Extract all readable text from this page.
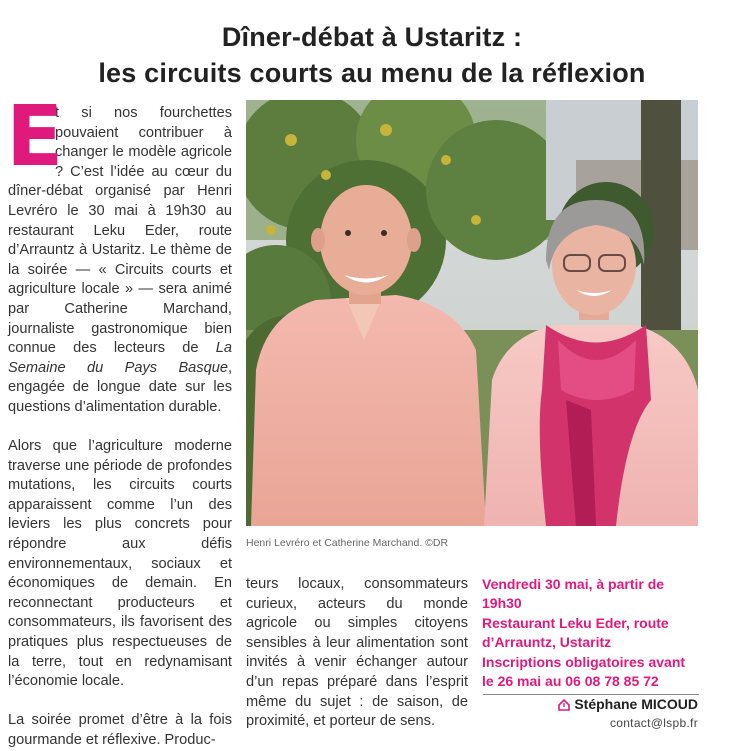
Dîner-débat à Ustaritz :
les circuits courts au menu de la réflexion
E

t si nos fourchettes pouvaient contribuer à changer le modèle agricole ? C’est l’idée au cœur du dîner-débat organisé par Henri Levréro le 30 mai à 19h30 au restaurant Leku Eder, route d’Arrauntz à Ustaritz. Le thème de la soirée — « Circuits courts et agriculture locale » — sera animé par Catherine Marchand, journaliste gastronomique bien connue des lecteurs de La Semaine du Pays Basque, engagée de longue date sur les questions d’alimentation durable.

Alors que l’agriculture moderne traverse une période de profondes mutations, les circuits courts apparaissent comme l’un des leviers les plus concrets pour répondre aux défis environnementaux, sociaux et économiques de demain. En reconnectant producteurs et consommateurs, ils favorisent des pratiques plus respectueuses de la terre, tout en redynamisant l’économie locale.

La soirée promet d’être à la fois gourmande et réflexive. Produc-

Henri Levréro et Catherine Marchand. ©DR

teurs locaux, consommateurs curieux, acteurs du monde agricole ou simples citoyens sensibles à leur alimentation sont invités à venir échanger autour d’un repas préparé dans l’esprit même du sujet : de saison, de proximité, et porteur de sens.

Vendredi 30 mai, à partir de
19h30
Restaurant Leku Eder, route
d’Arrauntz, Ustaritz
Inscriptions obligatoires avant
le 26 mai au 06 08 78 85 72
Stéphane MICOUD
contact@lspb.fr
